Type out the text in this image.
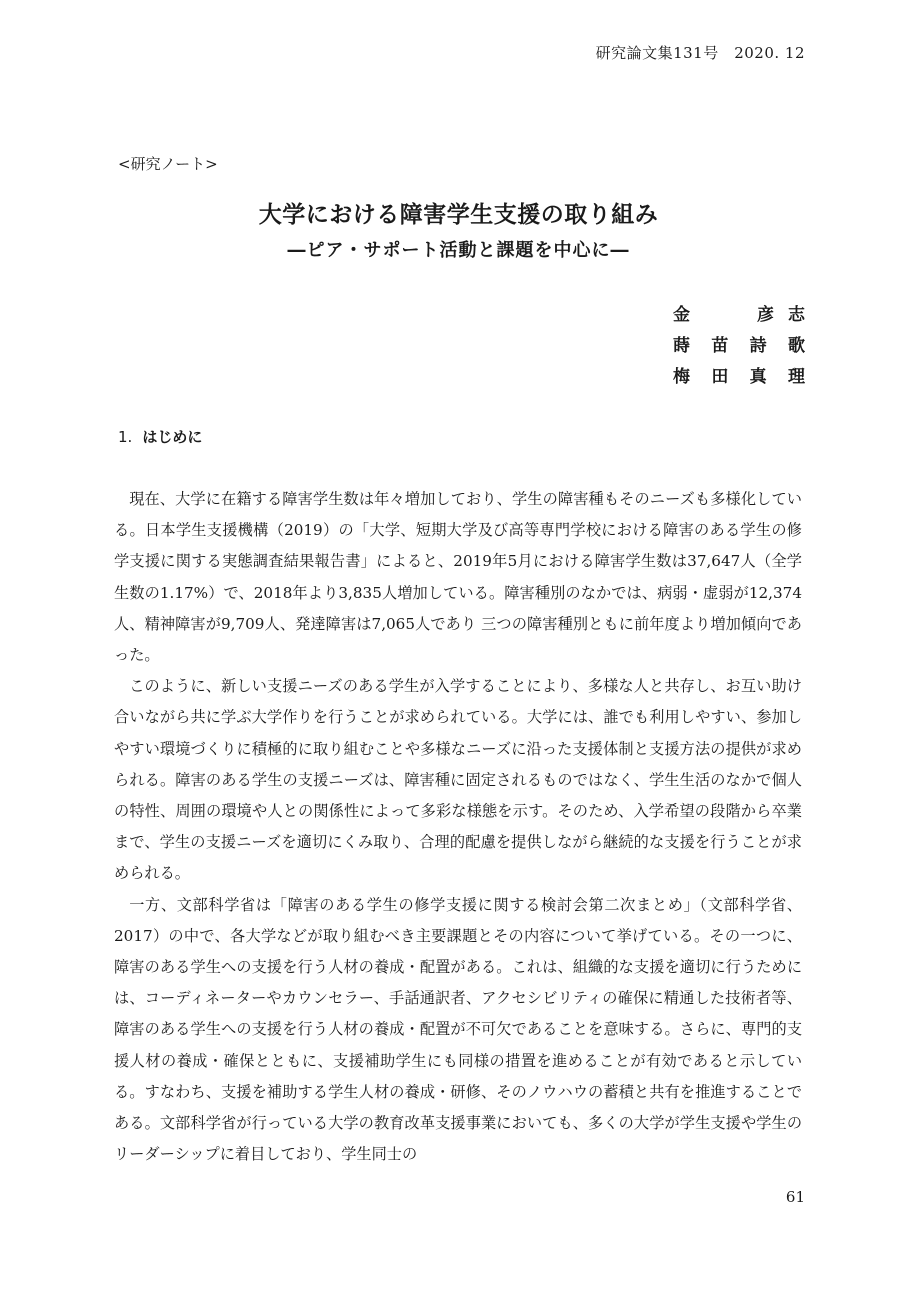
研究論文集131号　2020. 12
<研究ノート>
大学における障害学生支援の取り組み
―ピア・サポート活動と課題を中心に―
金	彦 志
蒔 苗 詩 歌
梅 田 真 理
1. はじめに

現在、大学に在籍する障害学生数は年々増加しており、学生の障害種もそのニーズも多様化している。日本学生支援機構（2019）の「大学、短期大学及び高等専門学校における障害のある学生の修学支援に関する実態調査結果報告書」によると、2019年5月における障害学生数は37,647人（全学生数の1.17%）で、2018年より3,835人増加している。障害種別のなかでは、病弱・虚弱が12,374人、精神障害が9,709人、発達障害は7,065人であり 三つの障害種別ともに前年度より増加傾向であった。

このように、新しい支援ニーズのある学生が入学することにより、多様な人と共存し、お互い助け合いながら共に学ぶ大学作りを行うことが求められている。大学には、誰でも利用しやすい、参加しやすい環境づくりに積極的に取り組むことや多様なニーズに沿った支援体制と支援方法の提供が求められる。障害のある学生の支援ニーズは、障害種に固定されるものではなく、学生生活のなかで個人の特性、周囲の環境や人との関係性によって多彩な様態を示す。そのため、入学希望の段階から卒業まで、学生の支援ニーズを適切にくみ取り、合理的配慮を提供しながら継続的な支援を行うことが求められる。

一方、文部科学省は「障害のある学生の修学支援に関する検討会第二次まとめ」（文部科学省、2017）の中で、各大学などが取り組むべき主要課題とその内容について挙げている。その一つに、障害のある学生への支援を行う人材の養成・配置がある。これは、組織的な支援を適切に行うためには、コーディネーターやカウンセラー、手話通訳者、アクセシビリティの確保に精通した技術者等、障害のある学生への支援を行う人材の養成・配置が不可欠であることを意味する。さらに、専門的支援人材の養成・確保とともに、支援補助学生にも同様の措置を進めることが有効であると示している。すなわち、支援を補助する学生人材の養成・研修、そのノウハウの蓄積と共有を推進することである。文部科学省が行っている大学の教育改革支援事業においても、多くの大学が学生支援や学生のリーダーシップに着目しており、学生同士の

61
